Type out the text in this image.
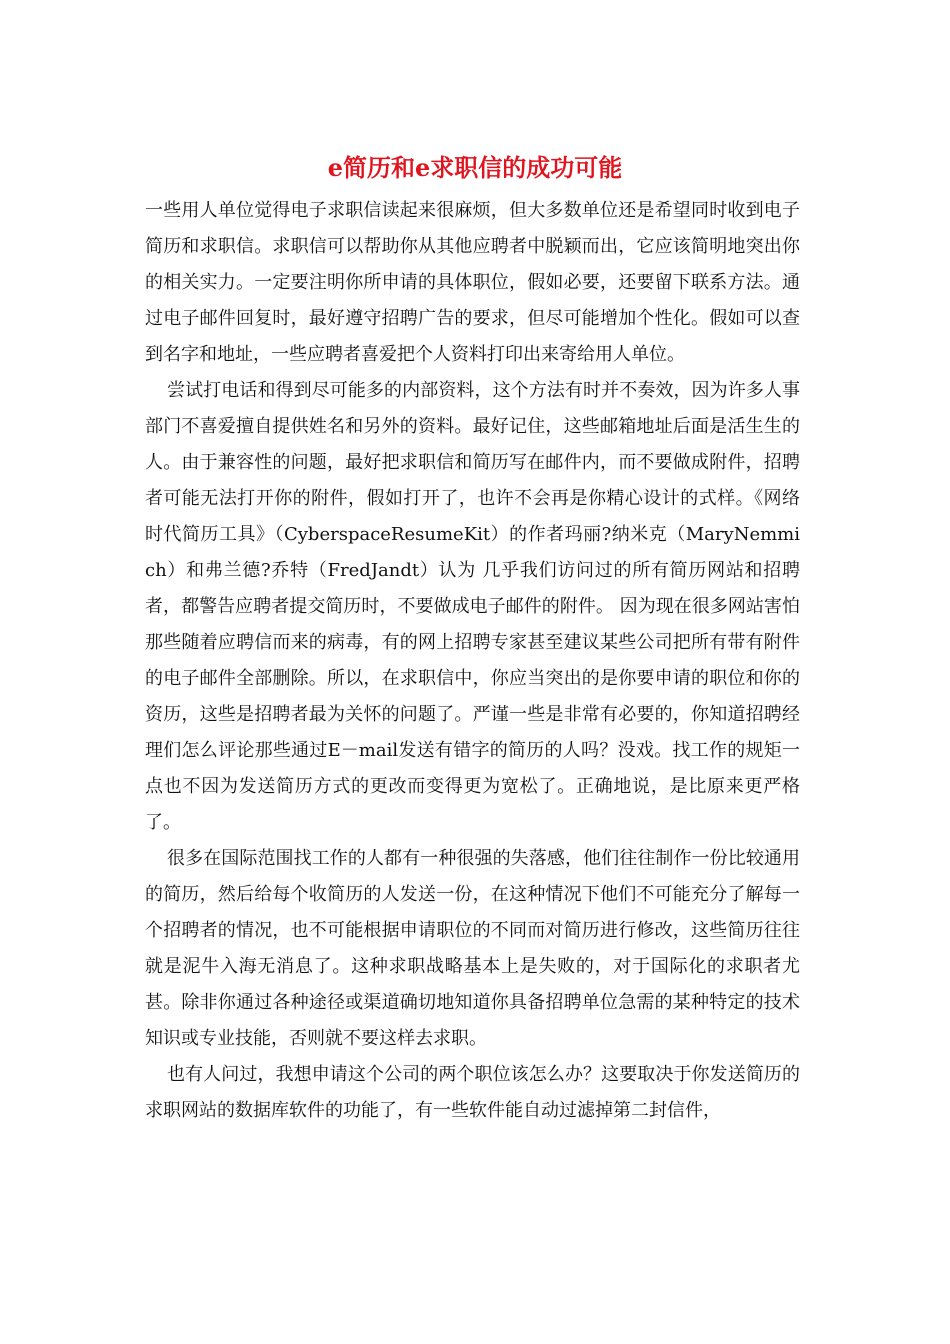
e简历和e求职信的成功可能

一些用人单位觉得电子求职信读起来很麻烦，但大多数单位还是希望同时收到电子简历和求职信。求职信可以帮助你从其他应聘者中脱颖而出，它应该简明地突出你的相关实力。一定要注明你所申请的具体职位，假如必要，还要留下联系方法。通过电子邮件回复时，最好遵守招聘广告的要求，但尽可能增加个性化。假如可以查到名字和地址，一些应聘者喜爱把个人资料打印出来寄给用人单位。

尝试打电话和得到尽可能多的内部资料，这个方法有时并不奏效，因为许多人事部门不喜爱擅自提供姓名和另外的资料。最好记住，这些邮箱地址后面是活生生的人。由于兼容性的问题，最好把求职信和简历写在邮件内，而不要做成附件，招聘者可能无法打开你的附件，假如打开了，也许不会再是你精心设计的式样。《网络时代简历工具》（CyberspaceResumeKit）的作者玛丽?纳米克（MaryNemmich）和弗兰德?乔特（FredJandt）认为 几乎我们访问过的所有简历网站和招聘者，都警告应聘者提交简历时，不要做成电子邮件的附件。 因为现在很多网站害怕那些随着应聘信而来的病毒，有的网上招聘专家甚至建议某些公司把所有带有附件的电子邮件全部删除。所以，在求职信中，你应当突出的是你要申请的职位和你的资历，这些是招聘者最为关怀的问题了。严谨一些是非常有必要的，你知道招聘经理们怎么评论那些通过E－mail发送有错字的简历的人吗？没戏。找工作的规矩一点也不因为发送简历方式的更改而变得更为宽松了。正确地说，是比原来更严格了。

很多在国际范围找工作的人都有一种很强的失落感，他们往往制作一份比较通用的简历，然后给每个收简历的人发送一份，在这种情况下他们不可能充分了解每一个招聘者的情况，也不可能根据申请职位的不同而对简历进行修改，这些简历往往就是泥牛入海无消息了。这种求职战略基本上是失败的，对于国际化的求职者尤甚。除非你通过各种途径或渠道确切地知道你具备招聘单位急需的某种特定的技术知识或专业技能，否则就不要这样去求职。

也有人问过，我想申请这个公司的两个职位该怎么办？这要取决于你发送简历的求职网站的数据库软件的功能了，有一些软件能自动过滤掉第二封信件，
